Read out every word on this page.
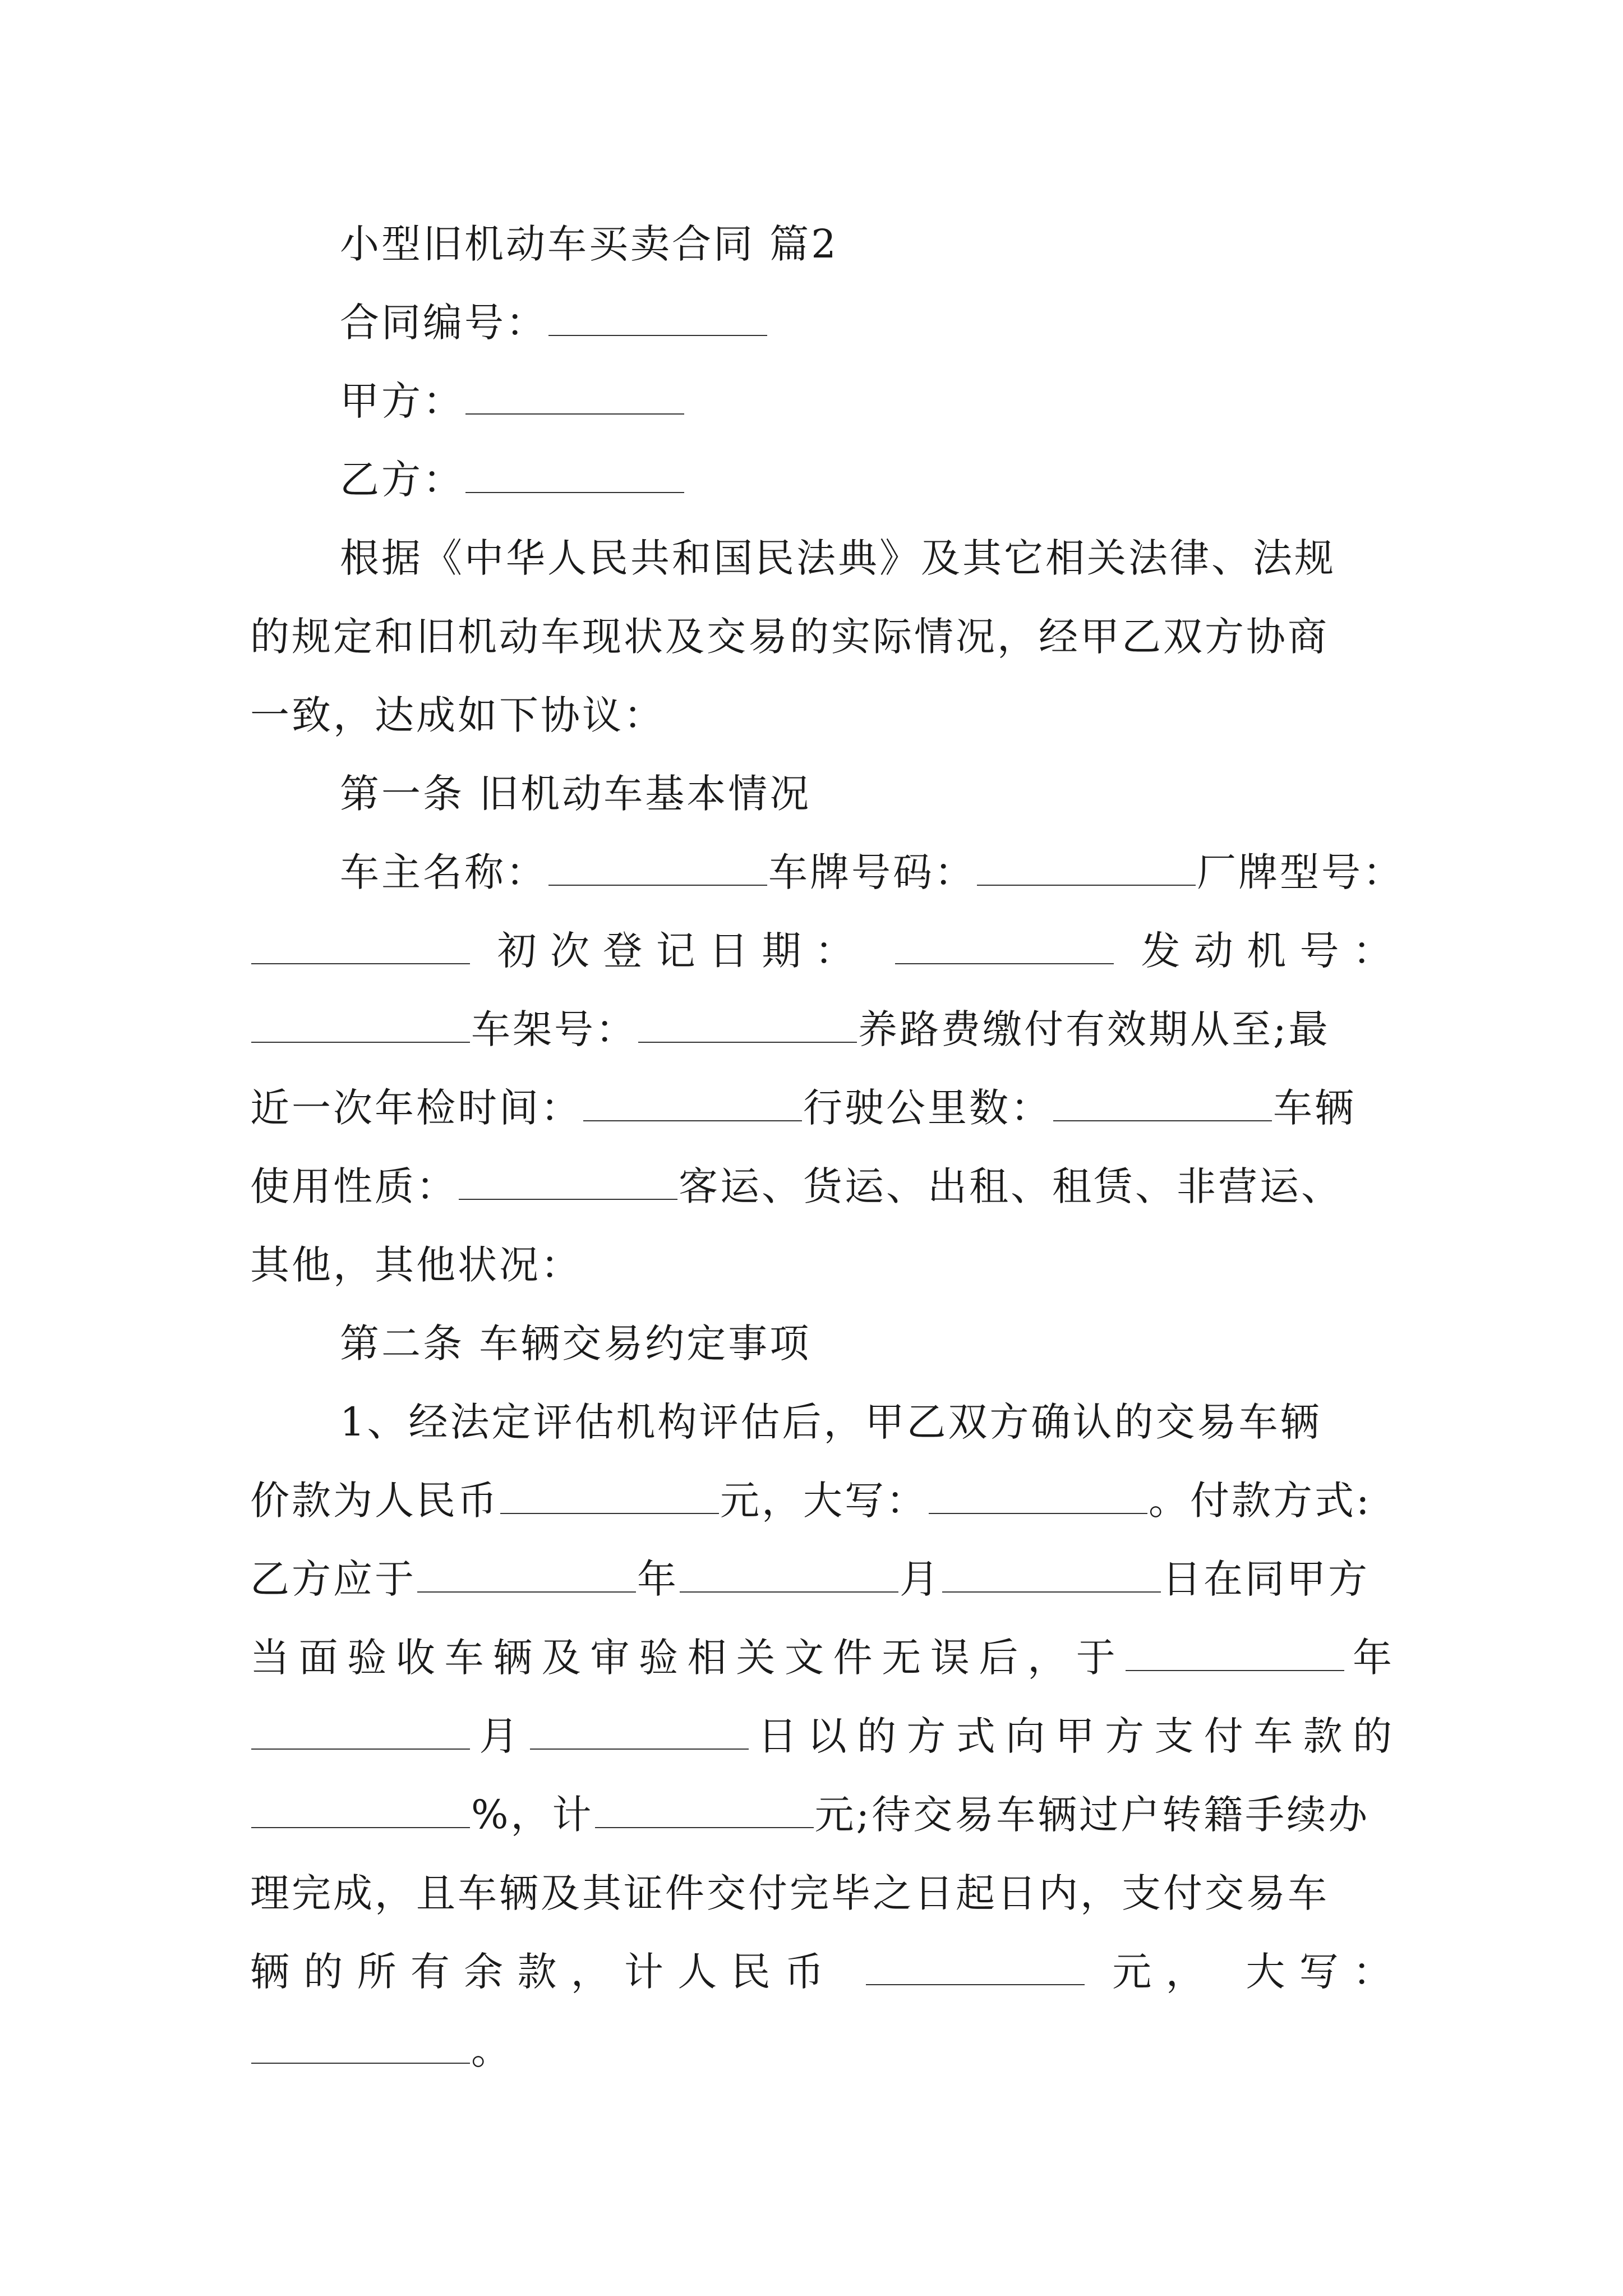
小型旧机动车买卖合同 篇2
合同编号：
甲方：
乙方：
根据《中华人民共和国民法典》及其它相关法律、法规
的规定和旧机动车现状及交易的实际情况，经甲乙双方协商
一致，达成如下协议：
第一条 旧机动车基本情况
车主名称：	车牌号码：	厂牌型号：
初次登记日期：	发动机号：
车架号：	养路费缴付有效期从至;最
近一次年检时间：	行驶公里数：	车辆
使用性质：	客运、货运、出租、租赁、非营运、
其他，其他状况：
第二条 车辆交易约定事项
1、经法定评估机构评估后，甲乙双方确认的交易车辆
价款为人民币	元，大写：	。付款方式:
乙方应于	年	月	日在同甲方
当面验收车辆及审验相关文件无误后，于	年
月	日以的方式向甲方支付车款的
%，计	元;待交易车辆过户转籍手续办
理完成，且车辆及其证件交付完毕之日起日内，支付交易车
辆的所有余款，计人民币	元， 大写：
。
